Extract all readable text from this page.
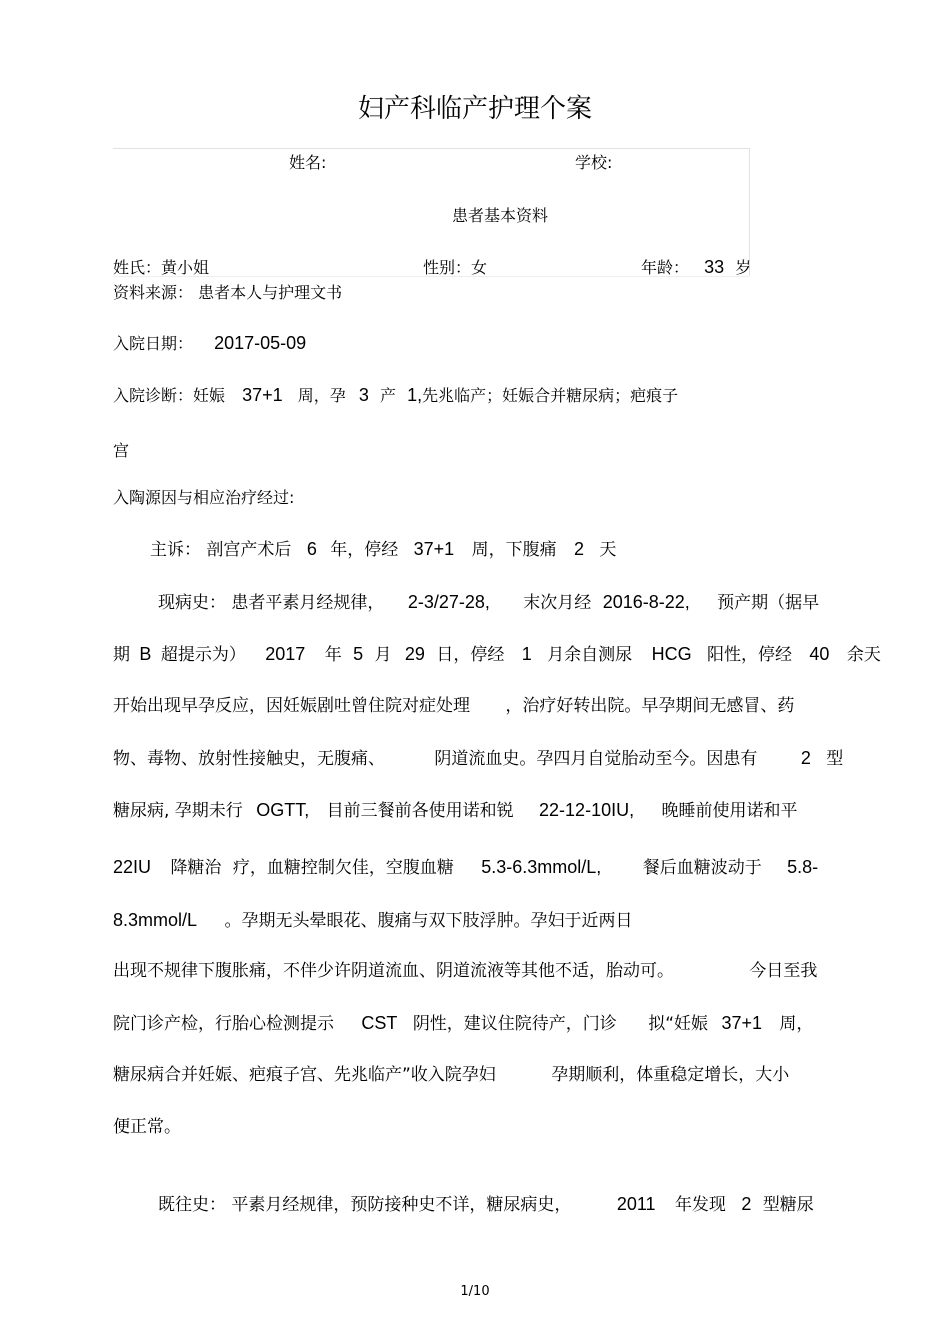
妇产科临产护理个案
姓名:	学校:
患者基本资料
姓氏：黄小姐	性别：女	年龄： 33 岁
资料来源： 患者本人与护理文书
入院日期： 2017-05-09
入院诊断：妊娠 37+1 周，孕 3 产 1,先兆临产；妊娠合并糖尿病；疤痕子
宫
入陶源因与相应治疗经过:
主诉： 剖宫产术后 6 年，停经 37+1 周，下腹痛 2 天
现病史： 患者平素月经规律， 2-3/27-28, 末次月经 2016-8-22, 预产期（据早
期 B 超提示为） 2017 年 5 月 29 日，停经 1 月余自测尿 HCG 阳性，停经 40 余天
开始出现早孕反应，因妊娠剧吐曾住院对症处理 ，治疗好转出院。早孕期间无感冒、药
物、毒物、放射性接触史，无腹痛、	阴道流血史。孕四月自觉胎动至今。因患有 2 型
糖尿病, 孕期未行 OGTT, 目前三餐前各使用诺和锐 22-12-10IU, 晚睡前使用诺和平
22IU 降糖治 疗，血糖控制欠佳，空腹血糖 5.3-6.3mmol/L, 餐后血糖波动于 5.8-
8.3mmol/L 。孕期无头晕眼花、腹痛与双下肢浮肿。孕妇于近两日
出现不规律下腹胀痛，不伴少许阴道流血、阴道流液等其他不适，胎动可。	今日至我
院门诊产检，行胎心检测提示 CST 阴性，建议住院待产，门诊 拟“妊娠 37+1 周，
糖尿病合并妊娠、疤痕子宫、先兆临产”收入院孕妇	孕期顺利，体重稳定增长，大小
便正常。
既往史： 平素月经规律，预防接种史不详，糖尿病史，	2011 年发现 2 型糖尿
1/10
